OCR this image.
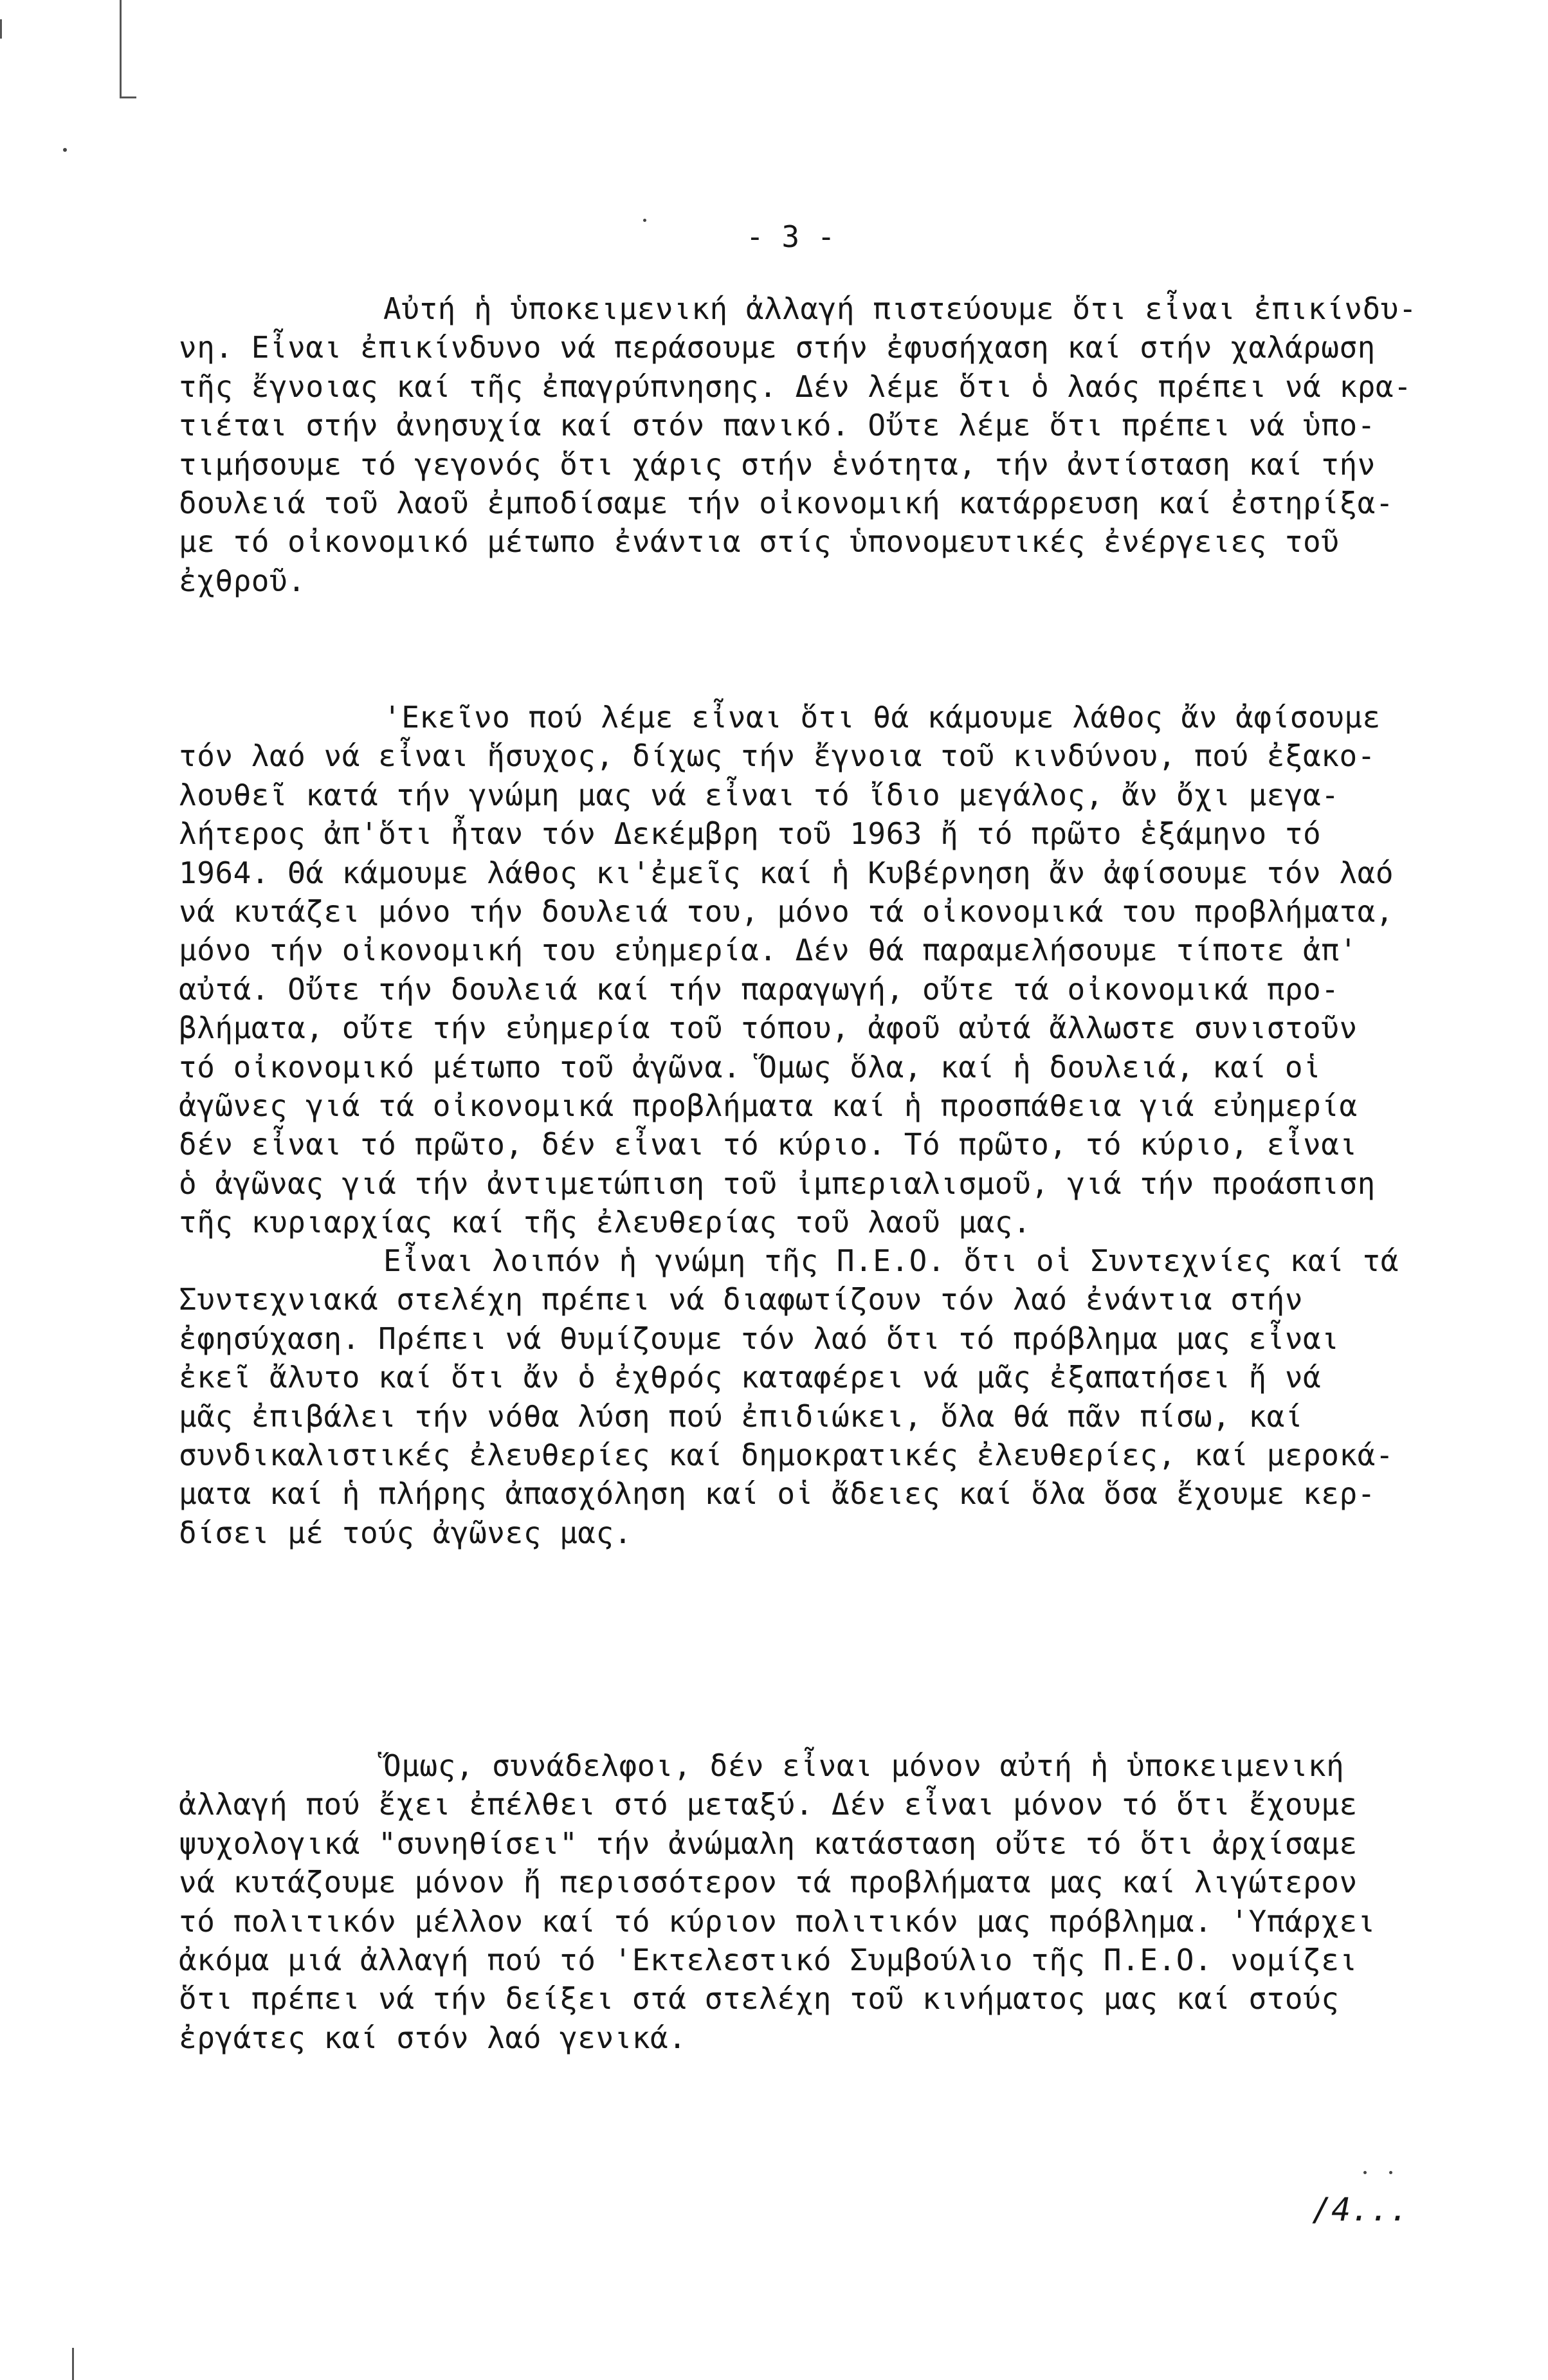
- 3 -
Αὐτή ἡ ὑποκειμενική ἀλλαγή πιστεύουμε ὅτι εἶναι ἐπικίνδυ-
νη. Εἶναι ἐπικίνδυνο νά περάσουμε στήν ἐφυσήχαση καί στήν χαλάρωση
τῆς ἔγνοιας καί τῆς ἐπαγρύπνησης. Δέν λέμε ὅτι ὁ λαός πρέπει νά κρα-
τιέται στήν ἀνησυχία καί στόν πανικό. Οὔτε λέμε ὅτι πρέπει νά ὑπο-
τιμήσουμε τό γεγονός ὅτι χάρις στήν ἑνότητα, τήν ἀντίσταση καί τήν
δουλειά τοῦ λαοῦ ἐμποδίσαμε τήν οἰκονομική κατάρρευση καί ἐστηρίξα-
με τό οἰκονομικό μέτωπο ἐνάντια στίς ὑπονομευτικές ἐνέργειες τοῦ
ἐχθροῦ.
'Εκεῖνο πού λέμε εἶναι ὅτι θά κάμουμε λάθος ἄν ἀφίσουμε
τόν λαό νά εἶναι ἥσυχος, δίχως τήν ἔγνοια τοῦ κινδύνου, πού ἐξακο-
λουθεῖ κατά τήν γνώμη μας νά εἶναι τό ἴδιο μεγάλος, ἄν ὄχι μεγα-
λήτερος ἀπ'ὅτι ἦταν τόν Δεκέμβρη τοῦ 1963 ἤ τό πρῶτο ἑξάμηνο τό
1964. Θά κάμουμε λάθος κι'ἐμεῖς καί ἡ Κυβέρνηση ἄν ἀφίσουμε τόν λαό
νά κυτάζει μόνο τήν δουλειά του, μόνο τά οἰκονομικά του προβλήματα,
μόνο τήν οἰκονομική του εὐημερία. Δέν θά παραμελήσουμε τίποτε ἀπ'
αὐτά. Οὔτε τήν δουλειά καί τήν παραγωγή, οὔτε τά οἰκονομικά προ-
βλήματα, οὔτε τήν εὐημερία τοῦ τόπου, ἀφοῦ αὐτά ἄλλωστε συνιστοῦν
τό οἰκονομικό μέτωπο τοῦ ἀγῶνα. Ὅμως ὅλα, καί ἡ δουλειά, καί οἱ
ἀγῶνες γιά τά οἰκονομικά προβλήματα καί ἡ προσπάθεια γιά εὐημερία
δέν εἶναι τό πρῶτο, δέν εἶναι τό κύριο. Τό πρῶτο, τό κύριο, εἶναι
ὁ ἀγῶνας γιά τήν ἀντιμετώπιση τοῦ ἰμπεριαλισμοῦ, γιά τήν προάσπιση
τῆς κυριαρχίας καί τῆς ἐλευθερίας τοῦ λαοῦ μας.
Εἶναι λοιπόν ἡ γνώμη τῆς Π.Ε.Ο. ὅτι οἱ Συντεχνίες καί τά
Συντεχνιακά στελέχη πρέπει νά διαφωτίζουν τόν λαό ἐνάντια στήν
ἐφησύχαση. Πρέπει νά θυμίζουμε τόν λαό ὅτι τό πρόβλημα μας εἶναι
ἐκεῖ ἄλυτο καί ὅτι ἄν ὁ ἐχθρός καταφέρει νά μᾶς ἐξαπατήσει ἤ νά
μᾶς ἐπιβάλει τήν νόθα λύση πού ἐπιδιώκει, ὅλα θά πᾶν πίσω, καί
συνδικαλιστικές ἐλευθερίες καί δημοκρατικές ἐλευθερίες, καί μεροκά-
ματα καί ἡ πλήρης ἀπασχόληση καί οἱ ἄδειες καί ὅλα ὅσα ἔχουμε κερ-
δίσει μέ τούς ἀγῶνες μας.
Ὅμως, συνάδελφοι, δέν εἶναι μόνον αὐτή ἡ ὑποκειμενική
ἀλλαγή πού ἔχει ἐπέλθει στό μεταξύ. Δέν εἶναι μόνον τό ὅτι ἔχουμε
ψυχολογικά "συνηθίσει" τήν ἀνώμαλη κατάσταση οὔτε τό ὅτι ἀρχίσαμε
νά κυτάζουμε μόνον ἤ περισσότερον τά προβλήματα μας καί λιγώτερον
τό πολιτικόν μέλλον καί τό κύριον πολιτικόν μας πρόβλημα. 'Υπάρχει
ἀκόμα μιά ἀλλαγή πού τό 'Εκτελεστικό Συμβούλιο τῆς Π.Ε.Ο. νομίζει
ὅτι πρέπει νά τήν δείξει στά στελέχη τοῦ κινήματος μας καί στούς
ἐργάτες καί στόν λαό γενικά.
/4...
